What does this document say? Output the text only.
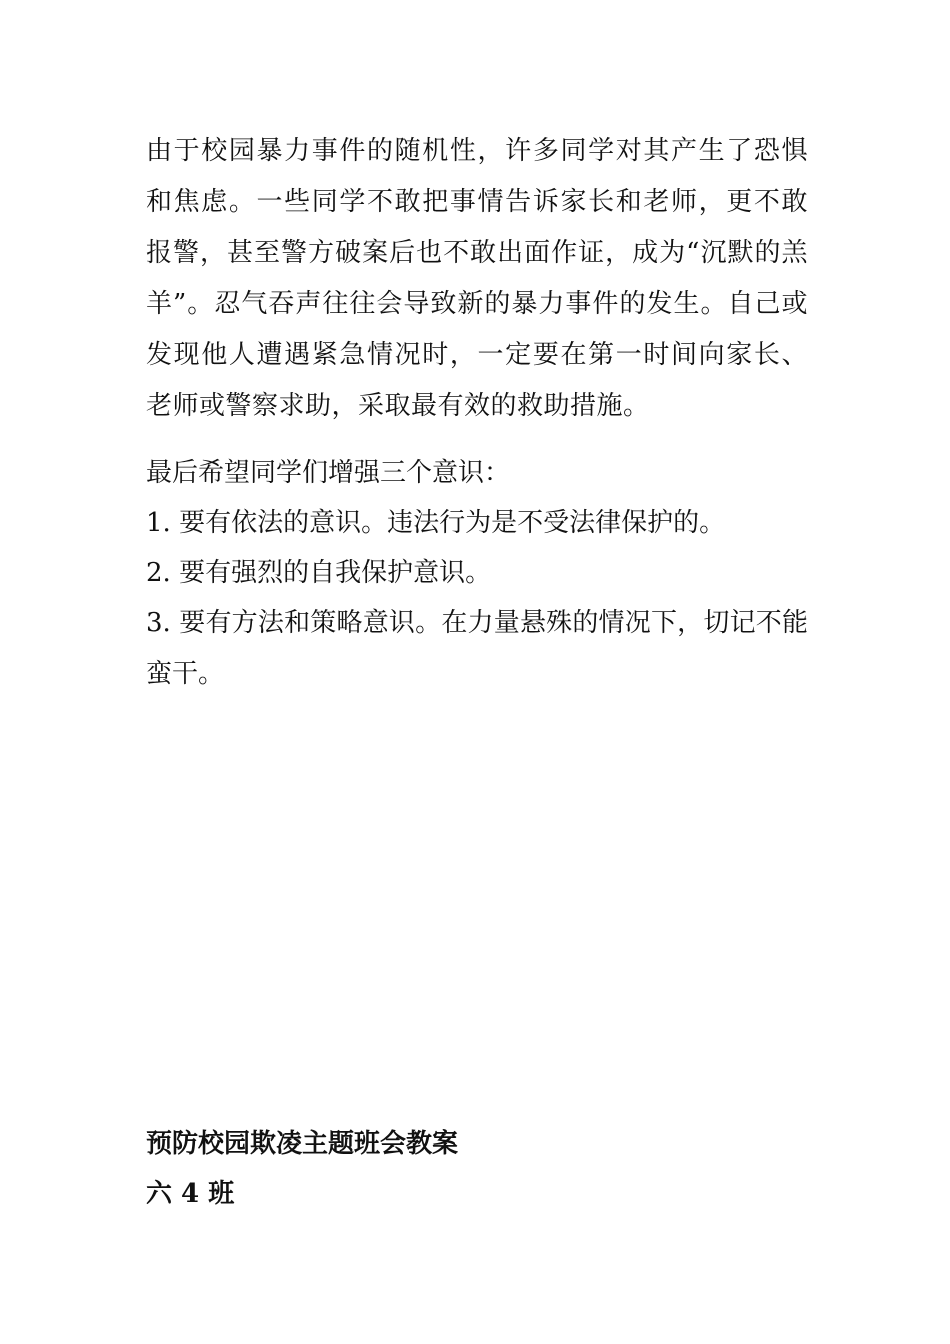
由于校园暴力事件的随机性，许多同学对其产生了恐惧和焦虑。一些同学不敢把事情告诉家长和老师，更不敢报警，甚至警方破案后也不敢出面作证，成为“沉默的羔羊”。忍气吞声往往会导致新的暴力事件的发生。自己或发现他人遭遇紧急情况时，一定要在第一时间向家长、老师或警察求助，采取最有效的救助措施。

最后希望同学们增强三个意识：

1. 要有依法的意识。违法行为是不受法律保护的。

2. 要有强烈的自我保护意识。

3. 要有方法和策略意识。在力量悬殊的情况下，切记不能蛮干。

预防校园欺凌主题班会教案

六 4 班
